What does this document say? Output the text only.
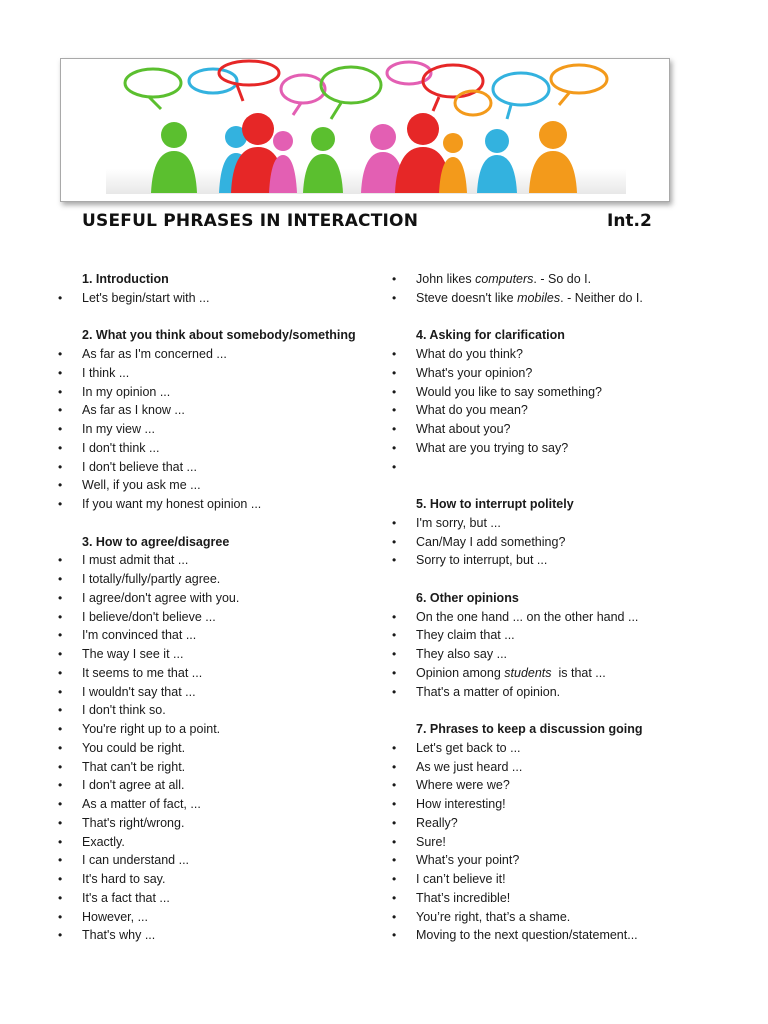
USEFUL PHRASES IN INTERACTION	Int.2
1. Introduction
• Let's begin/start with ...
2. What you think about somebody/something
• As far as I'm concerned ...
• I think ...
• In my opinion ...
• As far as I know ...
• In my view ...
• I don't think ...
• I don't believe that ...
• Well, if you ask me ...
• If you want my honest opinion ...
3. How to agree/disagree
• I must admit that ...
• I totally/fully/partly agree.
• I agree/don't agree with you.
• I believe/don't believe ...
• I'm convinced that ...
• The way I see it ...
• It seems to me that ...
• I wouldn't say that ...
• I don't think so.
• You're right up to a point.
• You could be right.
• That can't be right.
• I don't agree at all.
• As a matter of fact, ...
• That's right/wrong.
• Exactly.
• I can understand ...
• It's hard to say.
• It's a fact that ...
• However, ...
• That's why ...
• John likes computers. - So do I.
• Steve doesn't like mobiles. - Neither do I.
4. Asking for clarification
• What do you think?
• What's your opinion?
• Would you like to say something?
• What do you mean?
• What about you?
• What are you trying to say?
•
5. How to interrupt politely
• I'm sorry, but ...
• Can/May I add something?
• Sorry to interrupt, but ...
6. Other opinions
• On the one hand ... on the other hand ...
• They claim that ...
• They also say ...
• Opinion among students  is that ...
• That's a matter of opinion.
7. Phrases to keep a discussion going
• Let's get back to ...
• As we just heard ...
• Where were we?
• How interesting!
• Really?
• Sure!
• What’s your point?
• I can’t believe it!
• That’s incredible!
• You’re right, that’s a shame.
• Moving to the next question/statement...
